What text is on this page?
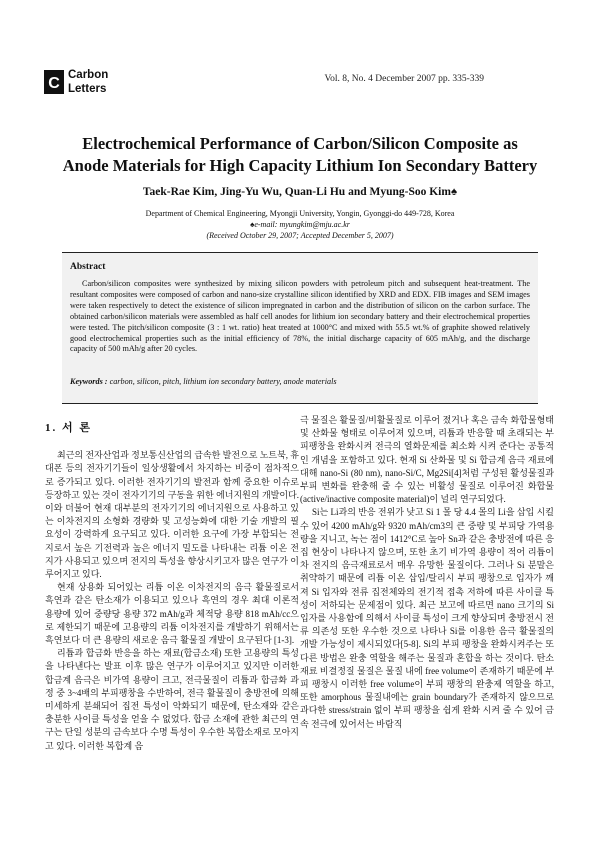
C Carbon
Letters
Vol. 8, No. 4 December 2007 pp. 335-339
Electrochemical Performance of Carbon/Silicon Composite as
Anode Materials for High Capacity Lithium Ion Secondary Battery
Taek-Rae Kim, Jing-Yu Wu, Quan-Li Hu and Myung-Soo Kim♠
Department of Chemical Engineering, Myongji University, Yongin, Gyonggi-do 449-728, Korea
♠e-mail: myungkim@mju.ac.kr
(Received October 29, 2007; Accepted December 5, 2007)
Abstract
Carbon/silicon composites were synthesized by mixing silicon powders with petroleum pitch and subsequent heat-treatment. The resultant composites were composed of carbon and nano-size crystalline silicon identified by XRD and EDX. FIB images and SEM images were taken respectively to detect the existence of silicon impregnated in carbon and the distribution of silicon on the carbon surface. The obtained carbon/silicon materials were assembled as half cell anodes for lithium ion secondary battery and their electrochemical properties were tested. The pitch/silicon composite (3 : 1 wt. ratio) heat treated at 1000°C and mixed with 55.5 wt.% of graphite showed relatively good electrochemical properties such as the initial efficiency of 78%, the initial discharge capacity of 605 mAh/g, and the discharge capacity of 500 mAh/g after 20 cycles.
Keywords : carbon, silicon, pitch, lithium ion secondary battery, anode materials
1. 서 론

최근의 전자산업과 정보통신산업의 급속한 발전으로 노트북, 휴대폰 등의 전자기기들이 일상생활에서 차지하는 비중이 점차적으로 증가되고 있다. 이러한 전자기기의 발전과 함께 중요한 이슈로 등장하고 있는 것이 전자기기의 구동을 위한 에너지원의 개발이다. 이와 더불어 현재 대부분의 전자기기의 에너지원으로 사용하고 있는 이차전지의 소형화 경량화 및 고성능화에 대한 기술 개발의 필요성이 강력하게 요구되고 있다. 이러한 요구에 가장 부합되는 전지로서 높은 기전력과 높은 에너지 밀도를 나타내는 리튬 이온 전지가 사용되고 있으며 전지의 특성을 향상시키고자 많은 연구가 이루어지고 있다.

현재 상용화 되어있는 리튬 이온 이차전지의 음극 활물질로서 흑연과 같은 탄소재가 이용되고 있으나 흑연의 경우 최대 이론적 용량에 있어 중량당 용량 372 mAh/g과 체적당 용량 818 mAh/cc으로 제한되기 때문에 고용량의 리튬 이차전지를 개발하기 위해서는 흑연보다 더 큰 용량의 새로운 음극 활물질 개발이 요구된다 [1-3].

리튬과 합금화 반응을 하는 재료(합금소재) 또한 고용량의 특성을 나타낸다는 발표 이후 많은 연구가 이루어지고 있지만 이러한 합금계 음극은 비가역 용량이 크고, 전극물질이 리튬과 합금화 과정 중 3~4배의 부피팽창을 수반하여, 전극 활물질이 충방전에 의해 미세하게 분쇄되어 집전 특성이 악화되기 때문에, 탄소재와 같은 충분한 사이클 특성을 얻을 수 없었다. 합금 소재에 관한 최근의 연구는 단일 성분의 금속보다 수명 특성이 우수한 복합소재로 모아지고 있다. 이러한 복합계 음

극 물질은 활물질/비활물질로 이루어 졌거나 혹은 금속 화합물형태 및 산화물 형태로 이루어져 있으며, 리튬과 반응할 때 초래되는 부피팽창을 완화시켜 전극의 열화문제를 최소화 시켜 준다는 공통적인 개념을 포함하고 있다. 현재 Si 산화물 및 Si 합금계 음극 재료에 대해 nano-Si (80 nm), nano-Si/C, Mg2Si[4]처럼 구성된 활성물질과 부피 변화를 완충해 줄 수 있는 비활성 물질로 이루어진 화합물(active/inactive composite material)이 널리 연구되었다.

Si는 Li과의 반응 전위가 낮고 Si 1 몰 당 4.4 몰의 Li을 삽입 시킬 수 있어 4200 mAh/g와 9320 mAh/cm3의 큰 중량 및 부피당 가역용량을 지니고, 녹는 점이 1412°C로 높아 Sn과 같은 충방전에 따른 응집 현상이 나타나지 않으며, 또한 초기 비가역 용량이 적어 리튬이차 전지의 음극재료로서 매우 유망한 물질이다. 그러나 Si 분말은 취약하기 때문에 리튬 이온 삽입/탈리시 부피 팽창으로 입자가 깨져 Si 입자와 전류 집전체와의 전기적 접촉 저하에 따른 사이클 특성이 저하되는 문제점이 있다. 최근 보고에 따르면 nano 크기의 Si 입자를 사용함에 의해서 사이클 특성이 크게 향상되며 충방전시 전류 의존성 또한 우수한 것으로 나타나 Si를 이용한 음극 활물질의 개발 가능성이 제시되었다[5-8]. Si의 부피 팽창을 완화시켜주는 또 다른 방법은 완충 역할을 해주는 물질과 혼합을 하는 것이다. 탄소재료 비결정질 물질은 물질 내에 free volume이 존재하기 때문에 부피 팽창시 이러한 free volume이 부피 팽창의 완충제 역할을 하고, 또한 amorphous 물질내에는 grain boundary가 존재하지 않으므로 과다한 stress/strain 없이 부피 팽창을 쉽게 완화 시켜 줄 수 있어 금속 전극에 있어서는 바람직
